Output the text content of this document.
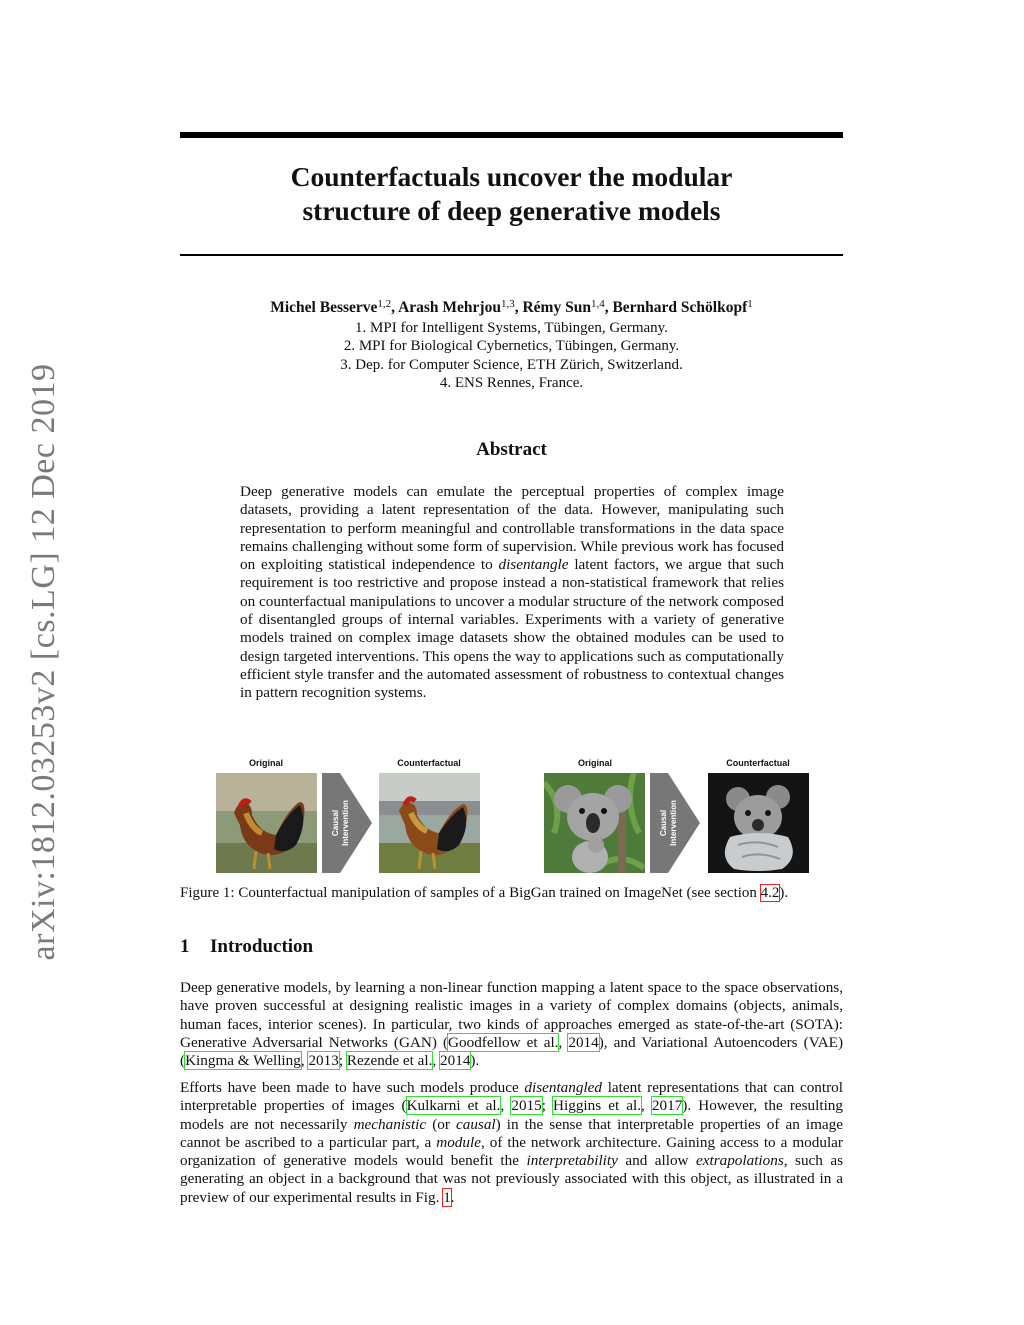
arXiv:1812.03253v2 [cs.LG] 12 Dec 2019
Counterfactuals uncover the modular
structure of deep generative models
Michel Besserve$^{1,2}$, Arash Mehrjou$^{1,3}$, Rémy Sun$^{1,4}$, Bernhard Schölkopf$^1$
1. MPI for Intelligent Systems, Tübingen, Germany.
2. MPI for Biological Cybernetics, Tübingen, Germany.
3. Dep. for Computer Science, ETH Zürich, Switzerland.
4. ENS Rennes, France.
Abstract
Deep generative models can emulate the perceptual properties of complex image datasets, providing a latent representation of the data. However, manipulating such representation to perform meaningful and controllable transformations in the data space remains challenging without some form of supervision. While previous work has focused on exploiting statistical independence to disentangle latent factors, we argue that such requirement is too restrictive and propose instead a non-statistical framework that relies on counterfactual manipulations to uncover a modular structure of the network composed of disentangled groups of internal variables. Experiments with a variety of generative models trained on complex image datasets show the obtained modules can be used to design targeted interventions. This opens the way to applications such as computationally efficient style transfer and the automated assessment of robustness to contextual changes in pattern recognition systems.
Original	Counterfactual	Original	Counterfactual
Causal Intervention	Causal Intervention
Figure 1: Counterfactual manipulation of samples of a BigGan trained on ImageNet (see section 4.2).
1 Introduction
Deep generative models, by learning a non-linear function mapping a latent space to the space observations, have proven successful at designing realistic images in a variety of complex domains (objects, animals, human faces, interior scenes). In particular, two kinds of approaches emerged as state-of-the-art (SOTA): Generative Adversarial Networks (GAN) (Goodfellow et al., 2014), and Variational Autoencoders (VAE) (Kingma & Welling, 2013; Rezende et al., 2014).
Efforts have been made to have such models produce disentangled latent representations that can control interpretable properties of images (Kulkarni et al., 2015; Higgins et al., 2017). However, the resulting models are not necessarily mechanistic (or causal) in the sense that interpretable properties of an image cannot be ascribed to a particular part, a module, of the network architecture. Gaining access to a modular organization of generative models would benefit the interpretability and allow extrapolations, such as generating an object in a background that was not previously associated with this object, as illustrated in a preview of our experimental results in Fig. 1.
